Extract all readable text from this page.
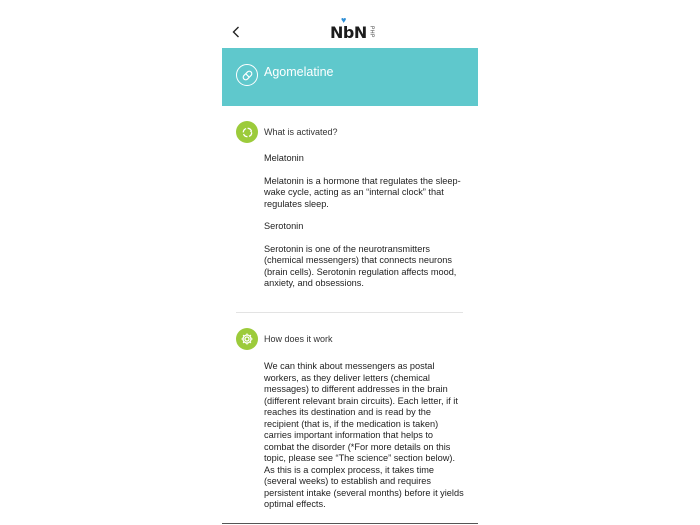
NbN
♥
PHP
Agomelatine
What is activated?

Melatonin

Melatonin is a hormone that regulates the sleep-wake cycle, acting as an “internal clock” that regulates sleep.

Serotonin

Serotonin is one of the neurotransmitters (chemical messengers) that connects neurons (brain cells). Serotonin regulation affects mood, anxiety, and obsessions.

How does it work

We can think about messengers as postal workers, as they deliver letters (chemical messages) to different addresses in the brain (different relevant brain circuits). Each letter, if it reaches its destination and is read by the recipient (that is, if the medication is taken) carries important information that helps to combat the disorder (*For more details on this topic, please see “The science” section below). As this is a complex process, it takes time (several weeks) to establish and requires persistent intake (several months) before it yields optimal effects.
